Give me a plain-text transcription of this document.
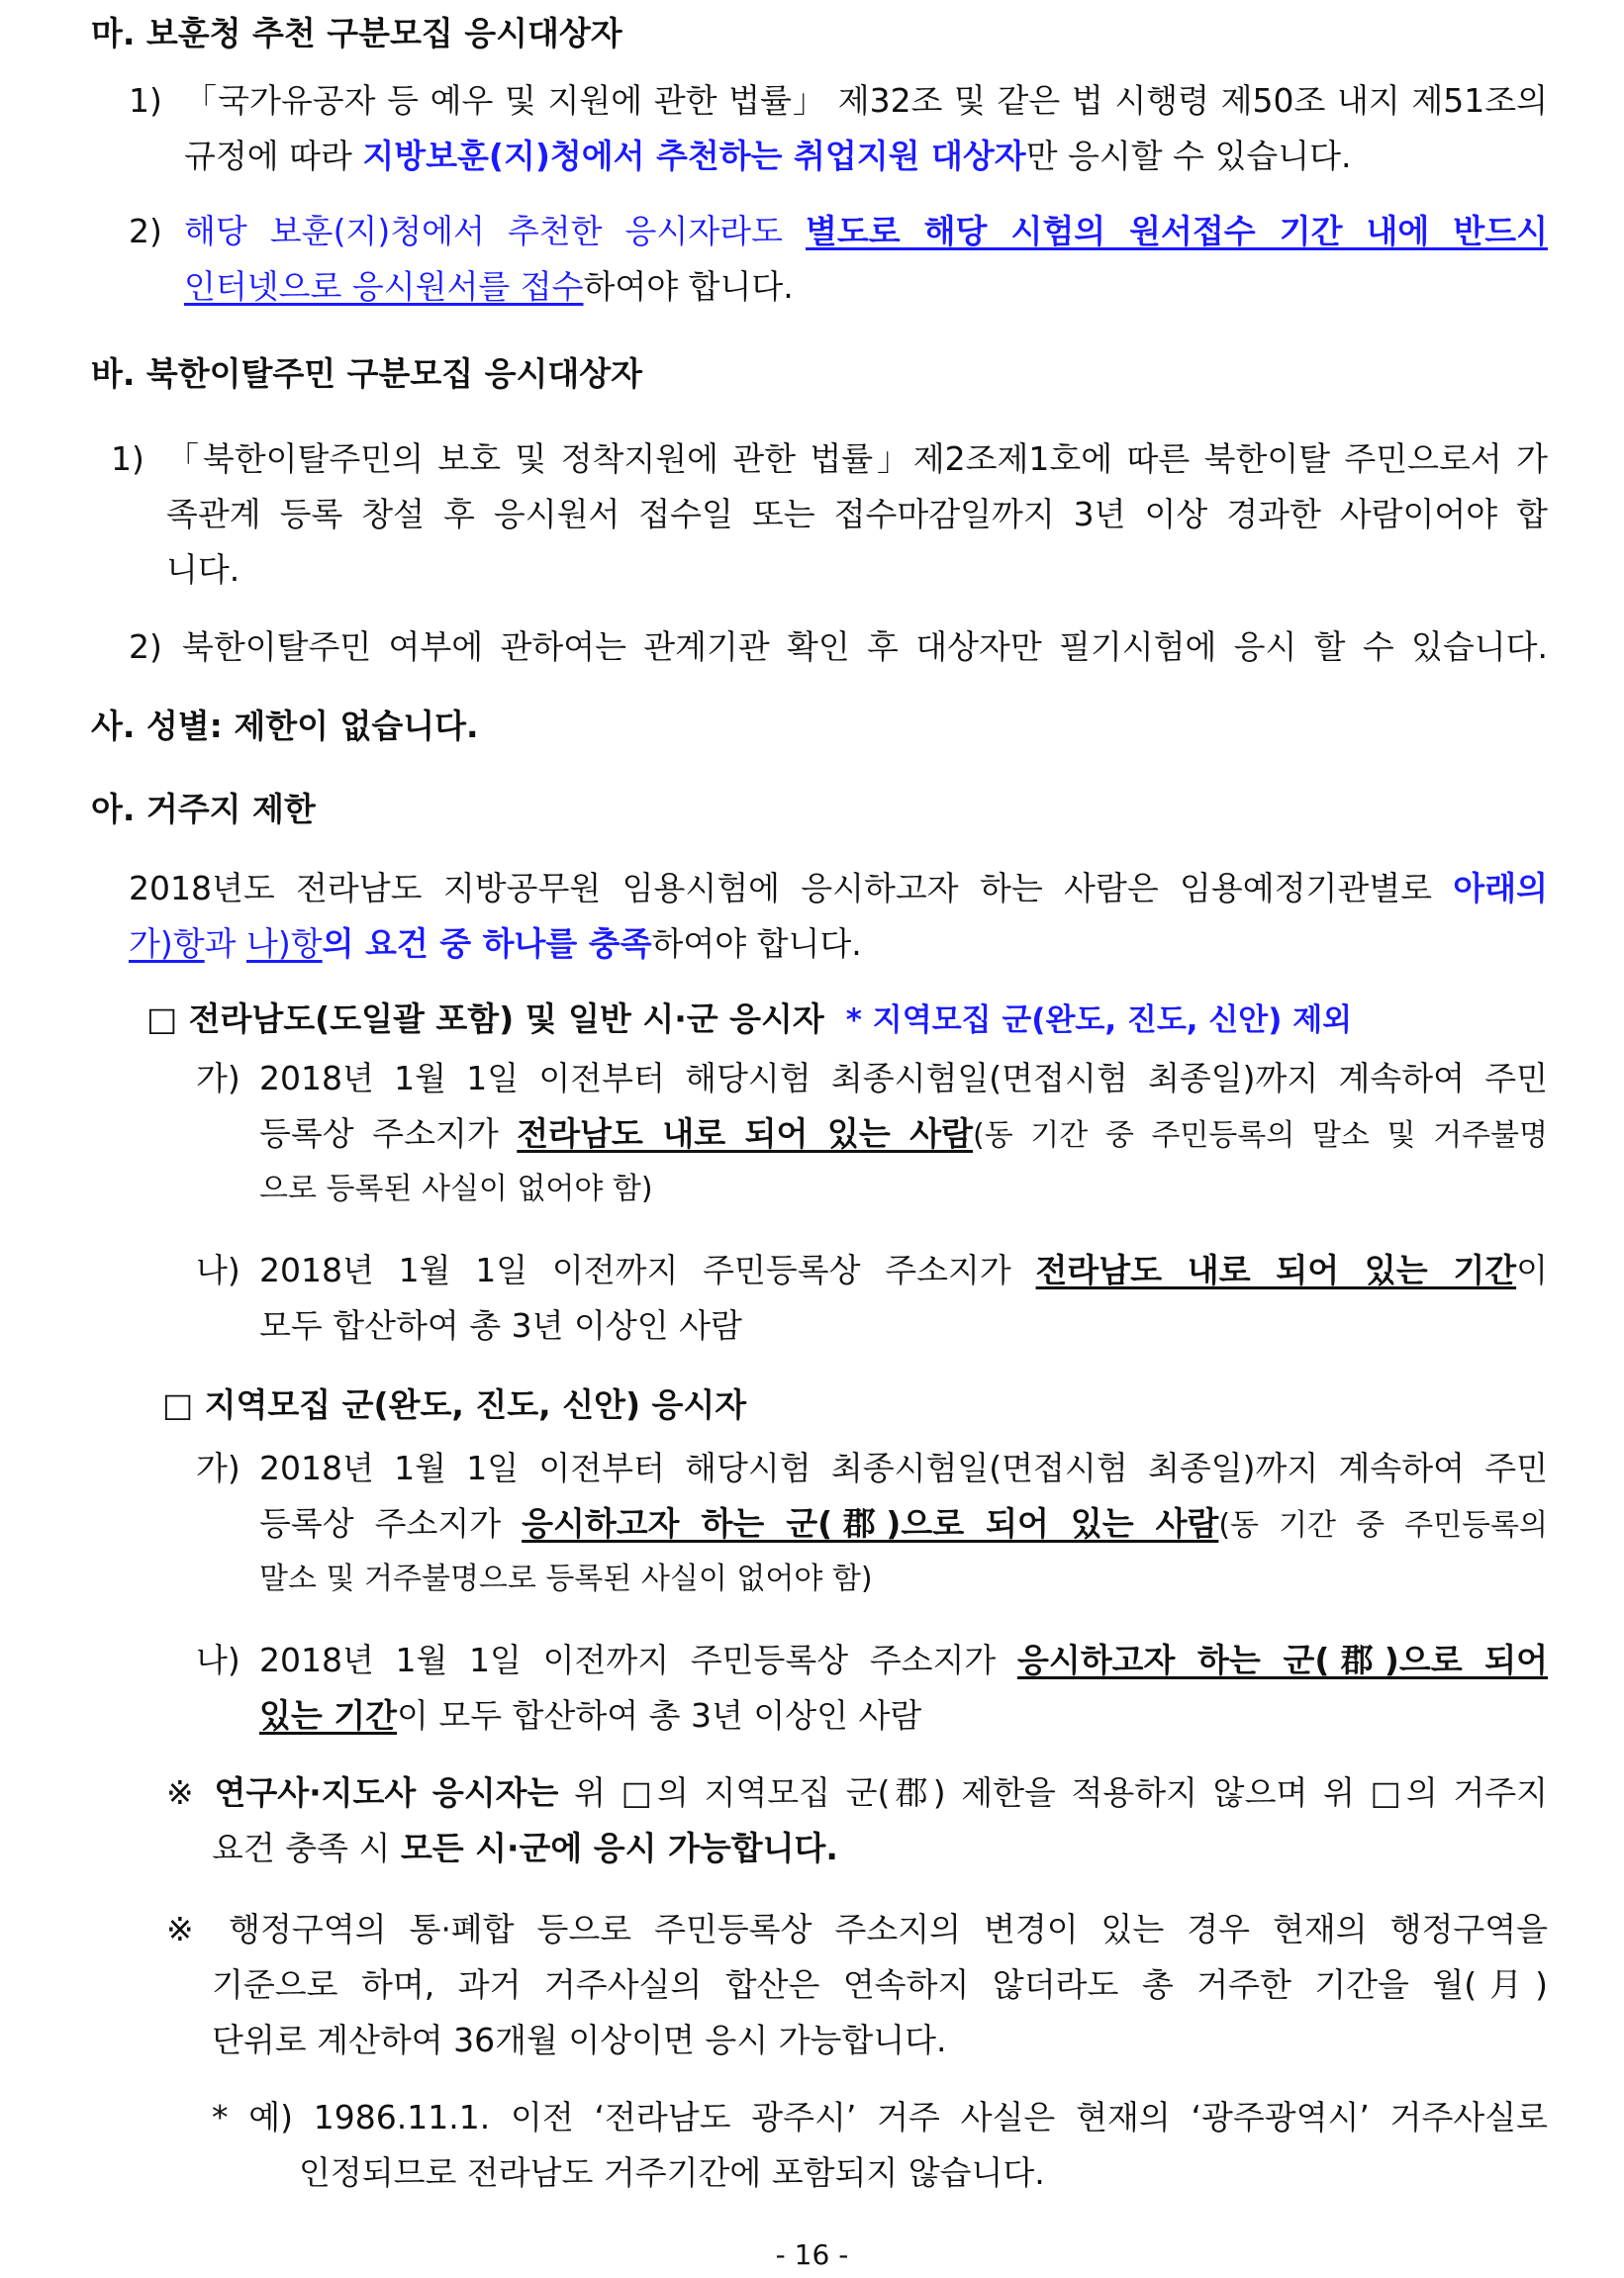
마. 보훈청 추천 구분모집 응시대상자
1) 「국가유공자 등 예우 및 지원에 관한 법률」 제32조 및 같은 법 시행령 제50조 내지 제51조의
규정에 따라 지방보훈(지)청에서 추천하는 취업지원 대상자만 응시할 수 있습니다.
2) 해당 보훈(지)청에서 추천한 응시자라도 별도로 해당 시험의 원서접수 기간 내에 반드시
인터넷으로 응시원서를 접수하여야 합니다.
바. 북한이탈주민 구분모집 응시대상자
1) 「북한이탈주민의 보호 및 정착지원에 관한 법률」제2조제1호에 따른 북한이탈 주민으로서 가
족관계 등록 창설 후 응시원서 접수일 또는 접수마감일까지 3년 이상 경과한 사람이어야 합
니다.
2) 북한이탈주민 여부에 관하여는 관계기관 확인 후 대상자만 필기시험에 응시 할 수 있습니다.
사. 성별: 제한이 없습니다.
아. 거주지 제한
2018년도 전라남도 지방공무원 임용시험에 응시하고자 하는 사람은 임용예정기관별로 아래의
가)항과 나)항의 요건 중 하나를 충족하여야 합니다.
□ 전라남도(도일괄 포함) 및 일반 시·군 응시자 * 지역모집 군(완도, 진도, 신안) 제외
가) 2018년 1월 1일 이전부터 해당시험 최종시험일(면접시험 최종일)까지 계속하여 주민
등록상 주소지가 전라남도 내로 되어 있는 사람(동 기간 중 주민등록의 말소 및 거주불명
으로 등록된 사실이 없어야 함)
나) 2018년 1월 1일 이전까지 주민등록상 주소지가 전라남도 내로 되어 있는 기간이
모두 합산하여 총 3년 이상인 사람
□ 지역모집 군(완도, 진도, 신안) 응시자
가) 2018년 1월 1일 이전부터 해당시험 최종시험일(면접시험 최종일)까지 계속하여 주민
등록상 주소지가 응시하고자 하는 군(郡)으로 되어 있는 사람(동 기간 중 주민등록의
말소 및 거주불명으로 등록된 사실이 없어야 함)
나) 2018년 1월 1일 이전까지 주민등록상 주소지가 응시하고자 하는 군(郡)으로 되어
있는 기간이 모두 합산하여 총 3년 이상인 사람
※ 연구사·지도사 응시자는 위 □의 지역모집 군(郡) 제한을 적용하지 않으며 위 □의 거주지
요건 충족 시 모든 시·군에 응시 가능합니다.
※ 행정구역의 통·폐합 등으로 주민등록상 주소지의 변경이 있는 경우 현재의 행정구역을
기준으로 하며, 과거 거주사실의 합산은 연속하지 않더라도 총 거주한 기간을 월(月)
단위로 계산하여 36개월 이상이면 응시 가능합니다.
* 예) 1986.11.1. 이전 ‘전라남도 광주시’ 거주 사실은 현재의 ‘광주광역시’ 거주사실로
인정되므로 전라남도 거주기간에 포함되지 않습니다.
- 16 -
